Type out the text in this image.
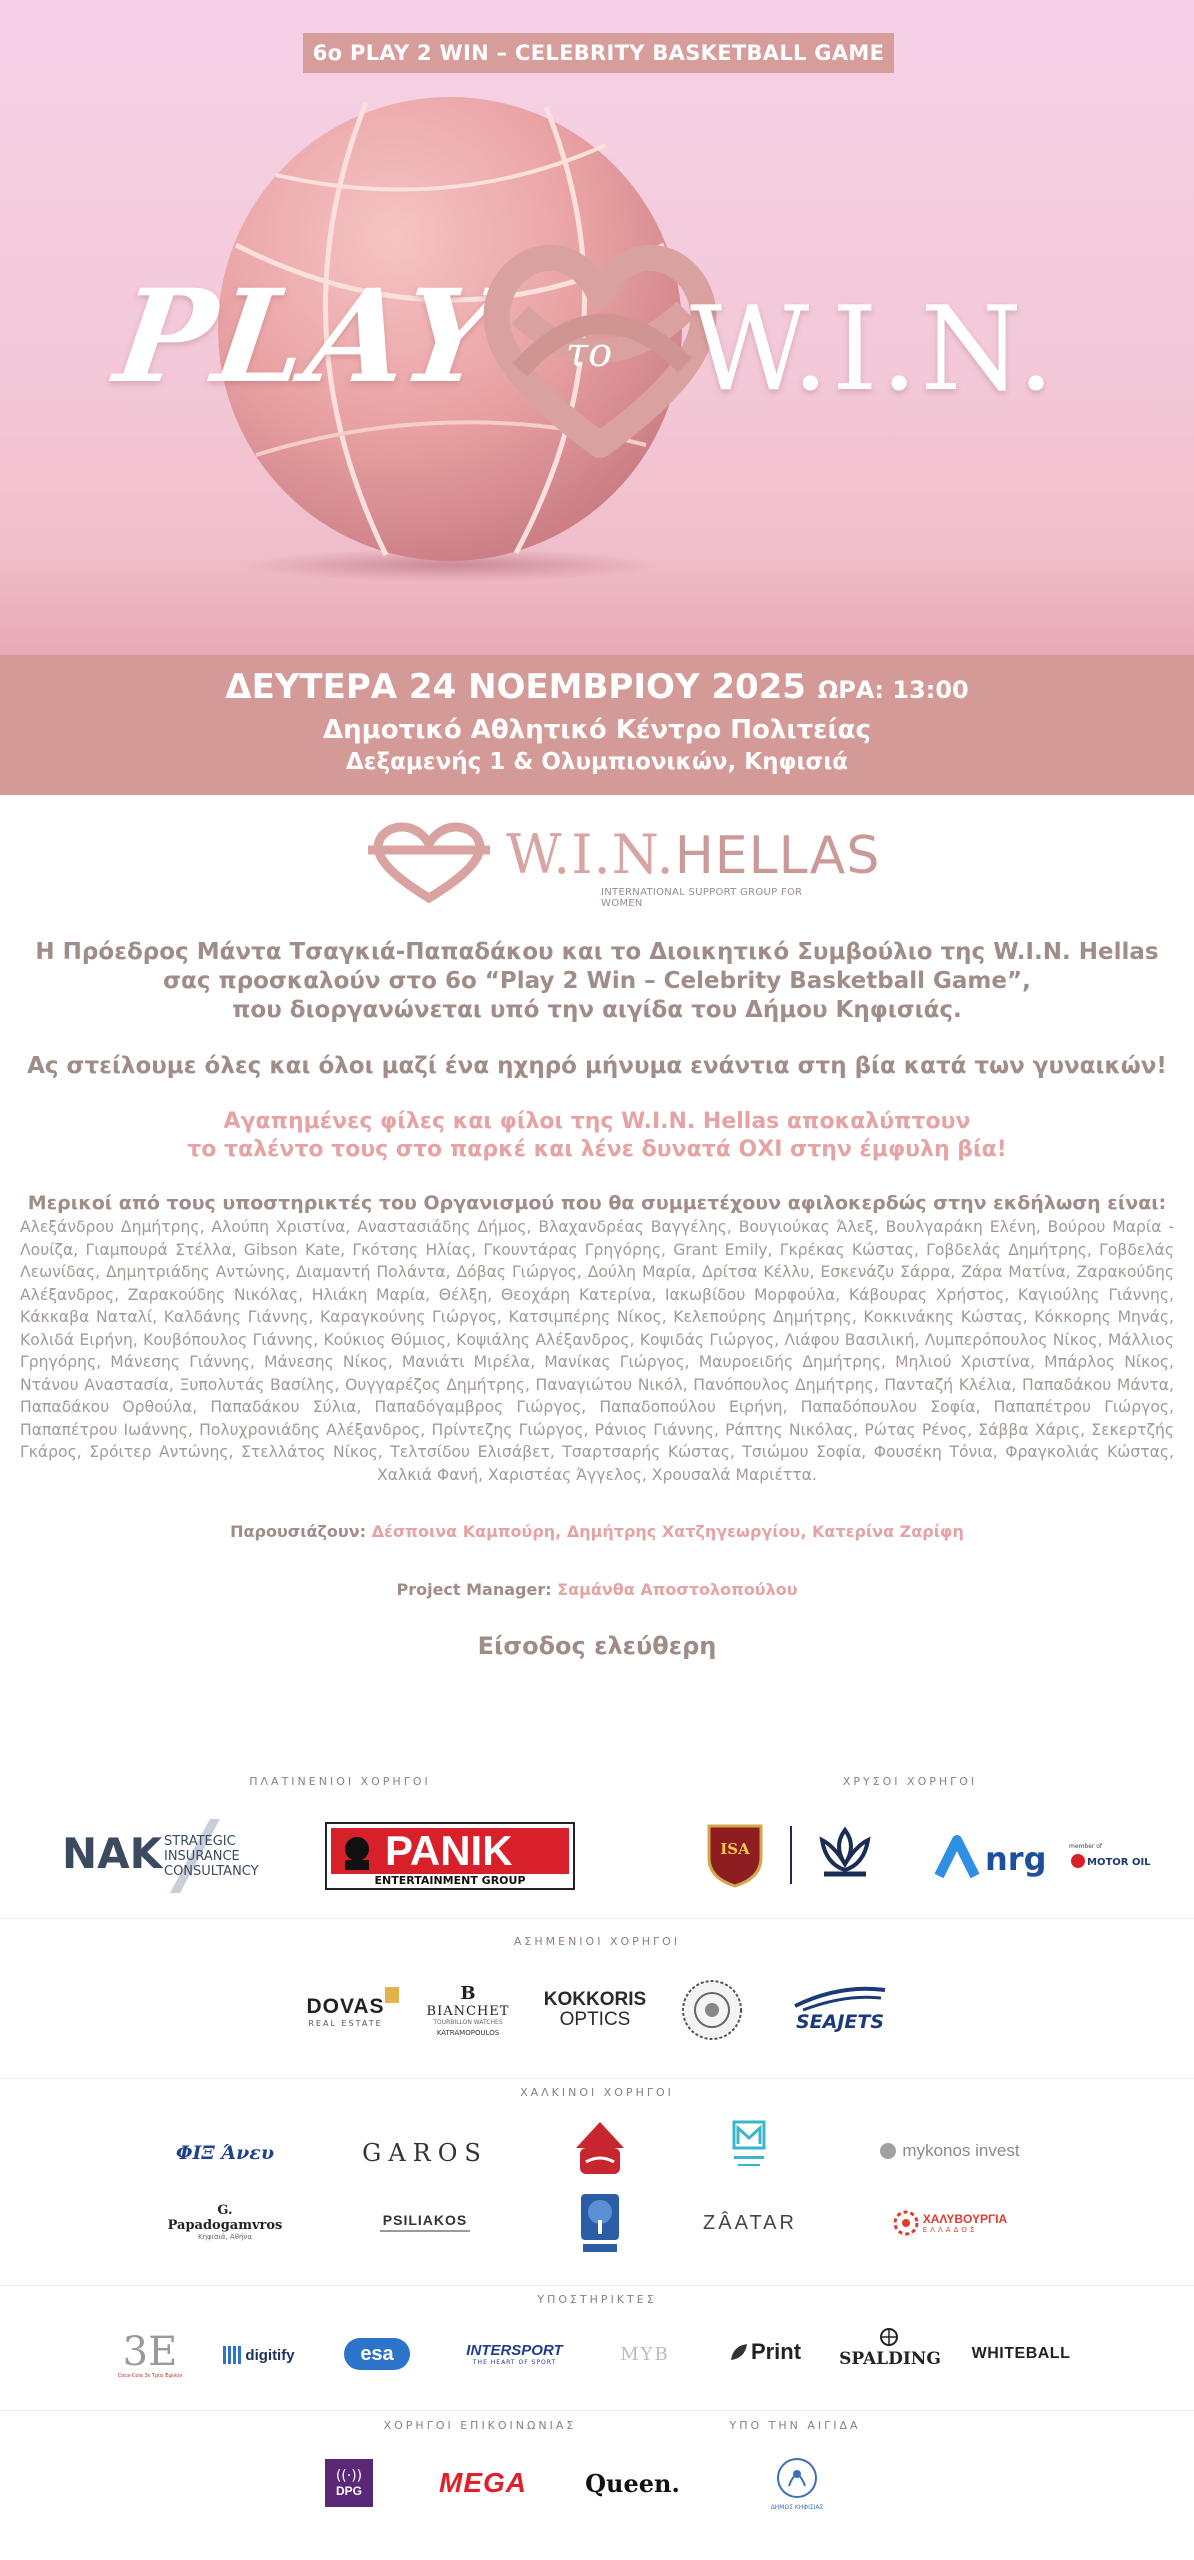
6ο PLAY 2 WIN – CELEBRITY BASKETBALL GAME
PLAY το W.I.N.
ΔΕΥΤΕΡΑ 24 ΝΟΕΜΒΡΙΟΥ 2025 ΩΡΑ: 13:00
Δημοτικό Αθλητικό Κέντρο Πολιτείας
Δεξαμενής 1 & Ολυμπιονικών, Κηφισιά
W.I.N.HELLAS
INTERNATIONAL SUPPORT GROUP FOR WOMEN
Η Πρόεδρος Μάντα Τσαγκιά-Παπαδάκου και το Διοικητικό Συμβούλιο της W.I.N. Hellas
σας προσκαλούν στο 6ο “Play 2 Win – Celebrity Basketball Game”,
που διοργανώνεται υπό την αιγίδα του Δήμου Κηφισιάς.
Ας στείλουμε όλες και όλοι μαζί ένα ηχηρό μήνυμα ενάντια στη βία κατά των γυναικών!
Αγαπημένες φίλες και φίλοι της W.I.N. Hellas αποκαλύπτουν
το ταλέντο τους στο παρκέ και λένε δυνατά ΟΧΙ στην έμφυλη βία!
Μερικοί από τους υποστηρικτές του Οργανισμού που θα συμμετέχουν αφιλοκερδώς στην εκδήλωση είναι:
Αλεξάνδρου Δημήτρης, Αλούπη Χριστίνα, Αναστασιάδης Δήμος, Βλαχανδρέας Βαγγέλης, Βουγιούκας Άλεξ, Βουλγαράκη Ελένη, Βούρου Μαρία - Λουίζα, Γιαμπουρά Στέλλα, Gibson Kate, Γκότσης Ηλίας, Γκουντάρας Γρηγόρης, Grant Emily, Γκρέκας Κώστας, Γοβδελάς Δημήτρης, Γοβδελάς Λεωνίδας, Δημητριάδης Αντώνης, Διαμαντή Πολάντα, Δόβας Γιώργος, Δούλη Μαρία, Δρίτσα Κέλλυ, Εσκενάζυ Σάρρα, Ζάρα Ματίνα, Ζαρακούδης Αλέξανδρος, Ζαρακούδης Νικόλας, Ηλιάκη Μαρία, Θέλξη, Θεοχάρη Κατερίνα, Ιακωβίδου Μορφούλα, Κάβουρας Χρήστος, Καγιούλης Γιάννης, Κάκκαβα Ναταλί, Καλδάνης Γιάννης, Καραγκούνης Γιώργος, Κατσιμπέρης Νίκος, Κελεπούρης Δημήτρης, Κοκκινάκης Κώστας, Κόκκορης Μηνάς, Κολιδά Ειρήνη, Κουβόπουλος Γιάννης, Κούκιος Θύμιος, Κοψιάλης Αλέξανδρος, Κοψιδάς Γιώργος, Λιάφου Βασιλική, Λυμπερόπουλος Νίκος, Μάλλιος Γρηγόρης, Μάνεσης Γιάννης, Μάνεσης Νίκος, Μανιάτι Μιρέλα, Μανίκας Γιώργος, Μαυροειδής Δημήτρης, Μηλιού Χριστίνα, Μπάρλος Νίκος, Ντάνου Αναστασία, Ξυπολυτάς Βασίλης, Ουγγαρέζος Δημήτρης, Παναγιώτου Νικόλ, Πανόπουλος Δημήτρης, Πανταζή Κλέλια, Παπαδάκου Μάντα, Παπαδάκου Ορθούλα, Παπαδάκου Σύλια, Παπαδόγαμβρος Γιώργος, Παπαδοπούλου Ειρήνη, Παπαδόπουλου Σοφία, Παπαπέτρου Γιώργος, Παπαπέτρου Ιωάννης, Πολυχρονιάδης Αλέξανδρος, Πρίντεζης Γιώργος, Ράνιος Γιάννης, Ράπτης Νικόλας, Ρώτας Ρένος, Σάββα Χάρις, Σεκερτζής Γκάρος, Σρόιτερ Αντώνης, Στελλάτος Νίκος, Τελτσίδου Ελισάβετ, Τσαρτσαρής Κώστας, Τσιώμου Σοφία, Φουσέκη Τόνια, Φραγκολιάς Κώστας, Χαλκιά Φανή, Χαριστέας Άγγελος, Χρουσαλά Μαριέττα.
Παρουσιάζουν: Δέσποινα Καμπούρη, Δημήτρης Χατζηγεωργίου, Κατερίνα Ζαρίφη
Project Manager: Σαμάνθα Αποστολοπούλου
Είσοδος ελεύθερη
ΠΛΑΤΙΝΕΝΙΟΙ ΧΟΡΗΓΟΙ	ΧΡΥΣΟΙ ΧΟΡΗΓΟΙ
NAK STRATEGIC
INSURANCE
CONSULTANCY	PANIK
ENTERTAINMENT GROUP
ISA	nrg	member of
MOTOR OIL
ΑΣΗΜΕΝΙΟΙ ΧΟΡΗΓΟΙ
DOVAS
REAL ESTATE
B
BIANCHET
TOURBILLON WATCHES
KATRAMOPOULOS
KOKKORIS
OPTICS	SEAJETS
ΧΑΛΚΙΝΟΙ ΧΟΡΗΓΟΙ
ΦΙΞ Άνευ	GAROS	mykonos invest
G. Papadogamvros
Κηφισιά, Αθήνα
PSILIAKOS	ZÂATAR	ΧΑΛΥΒΟΥΡΓΙΑ
ΕΛΛΑΔΟΣ
ΥΠΟΣΤΗΡΙΚΤΕΣ
3E
Coca-Cola 3ε Τρία Έψιλον
digitify	esa	INTERSPORT
THE HEART OF SPORT	MYB	Print SPALDING WHITEBALL
ΧΟΡΗΓΟΙ ΕΠΙΚΟΙΝΩΝΙΑΣ	ΥΠΟ ΤΗΝ ΑΙΓΙΔΑ
((·))
DPG	MEGA Queen.
ΔΗΜΟΣ ΚΗΦΙΣΙΑΣ
